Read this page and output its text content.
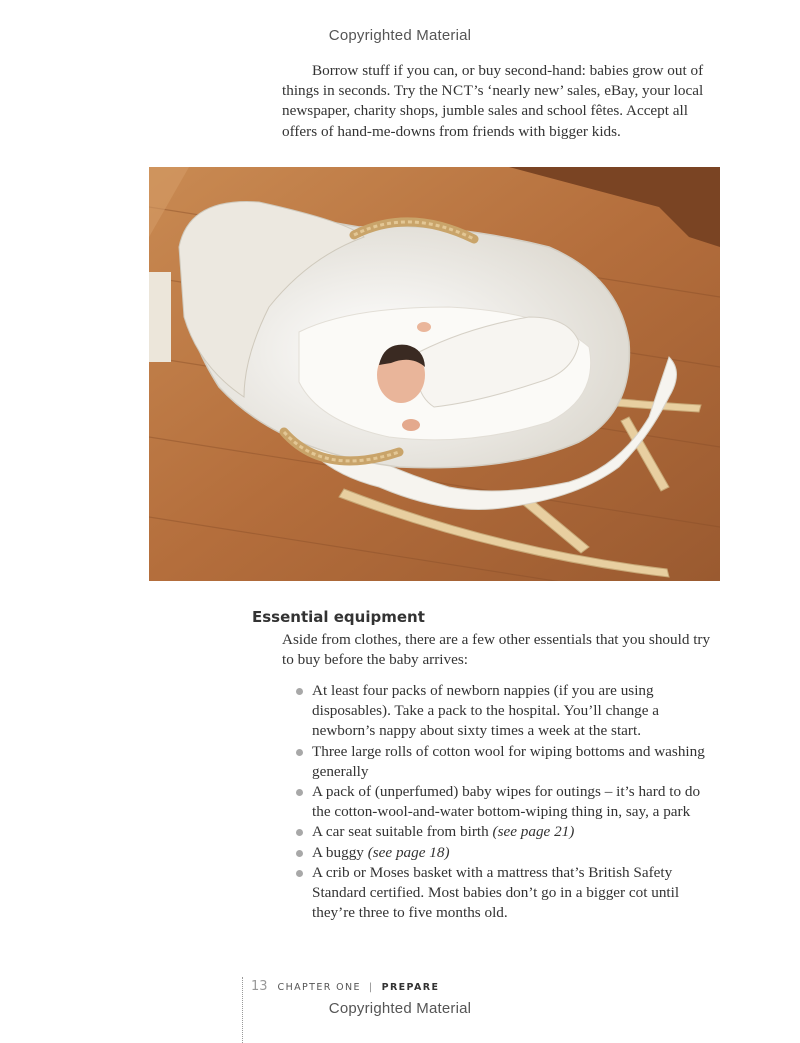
Copyrighted Material

Borrow stuff if you can, or buy second-hand: babies grow out of things in seconds. Try the NCT’s ‘nearly new’ sales, eBay, your local newspaper, charity shops, jumble sales and school fêtes. Accept all offers of hand-me-downs from friends with bigger kids.

Essential equipment

Aside from clothes, there are a few other essentials that you should try to buy before the baby arrives:

At least four packs of newborn nappies (if you are using disposables). Take a pack to the hospital. You’ll change a newborn’s nappy about sixty times a week at the start.
Three large rolls of cotton wool for wiping bottoms and washing generally
A pack of (unperfumed) baby wipes for outings – it’s hard to do the cotton-wool-and-water bottom-wiping thing in, say, a park
A car seat suitable from birth (see page 21)
A buggy (see page 18)
A crib or Moses basket with a mattress that’s British Safety Standard certified. Most babies don’t go in a bigger cot until they’re three to five months old.
13 CHAPTER ONE | PREPARE
Copyrighted Material
